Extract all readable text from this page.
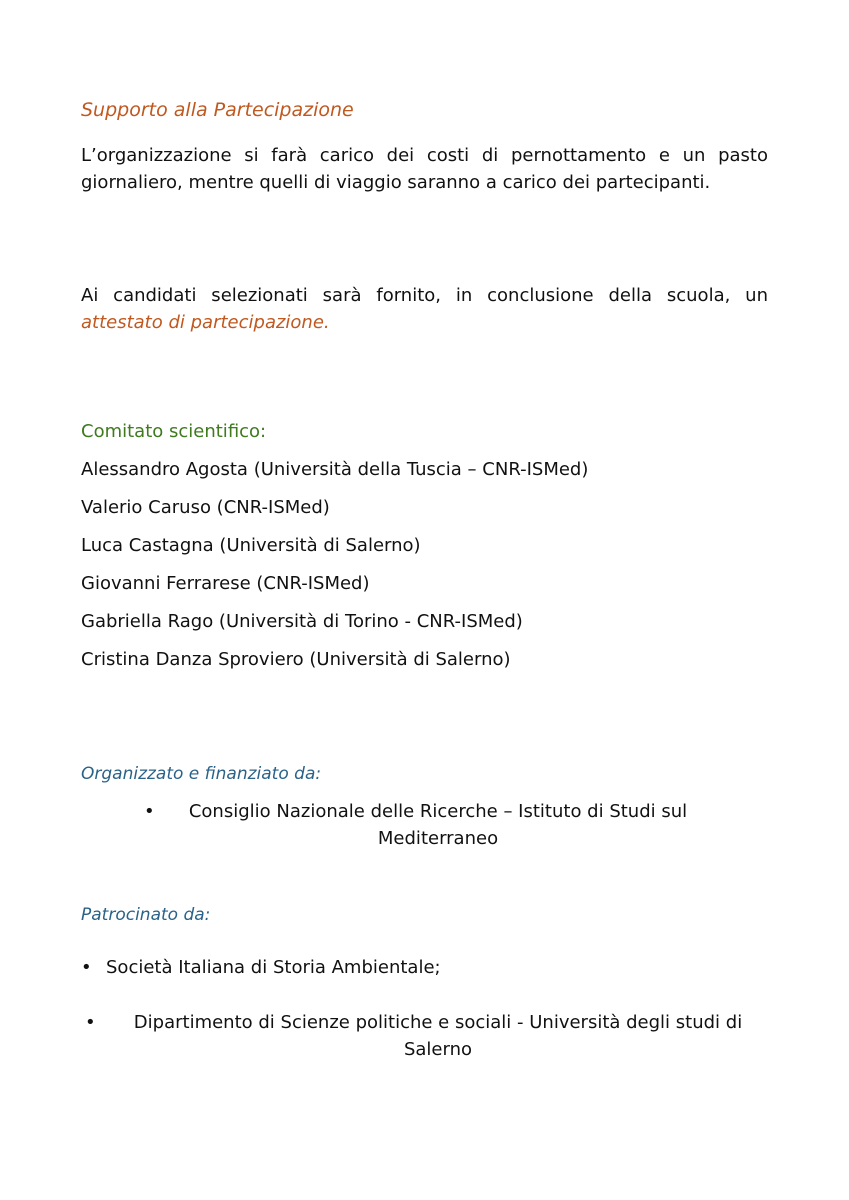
Supporto alla Partecipazione
L’organizzazione si farà carico dei costi di pernottamento e un pasto giornaliero, mentre quelli di viaggio saranno a carico dei partecipanti.
Ai candidati selezionati sarà fornito, in conclusione della scuola, un attestato di partecipazione.
Comitato scientifico:
Alessandro Agosta (Università della Tuscia – CNR-ISMed)
Valerio Caruso (CNR-ISMed)
Luca Castagna (Università di Salerno)
Giovanni Ferrarese (CNR-ISMed)
Gabriella Rago (Università di Torino - CNR-ISMed)
Cristina Danza Sproviero (Università di Salerno)
Organizzato e finanziato da:
•	Consiglio Nazionale delle Ricerche – Istituto di Studi sul
Mediterraneo
Patrocinato da:
• Società Italiana di Storia Ambientale;
•	Dipartimento di Scienze politiche e sociali - Università degli studi di
Salerno
